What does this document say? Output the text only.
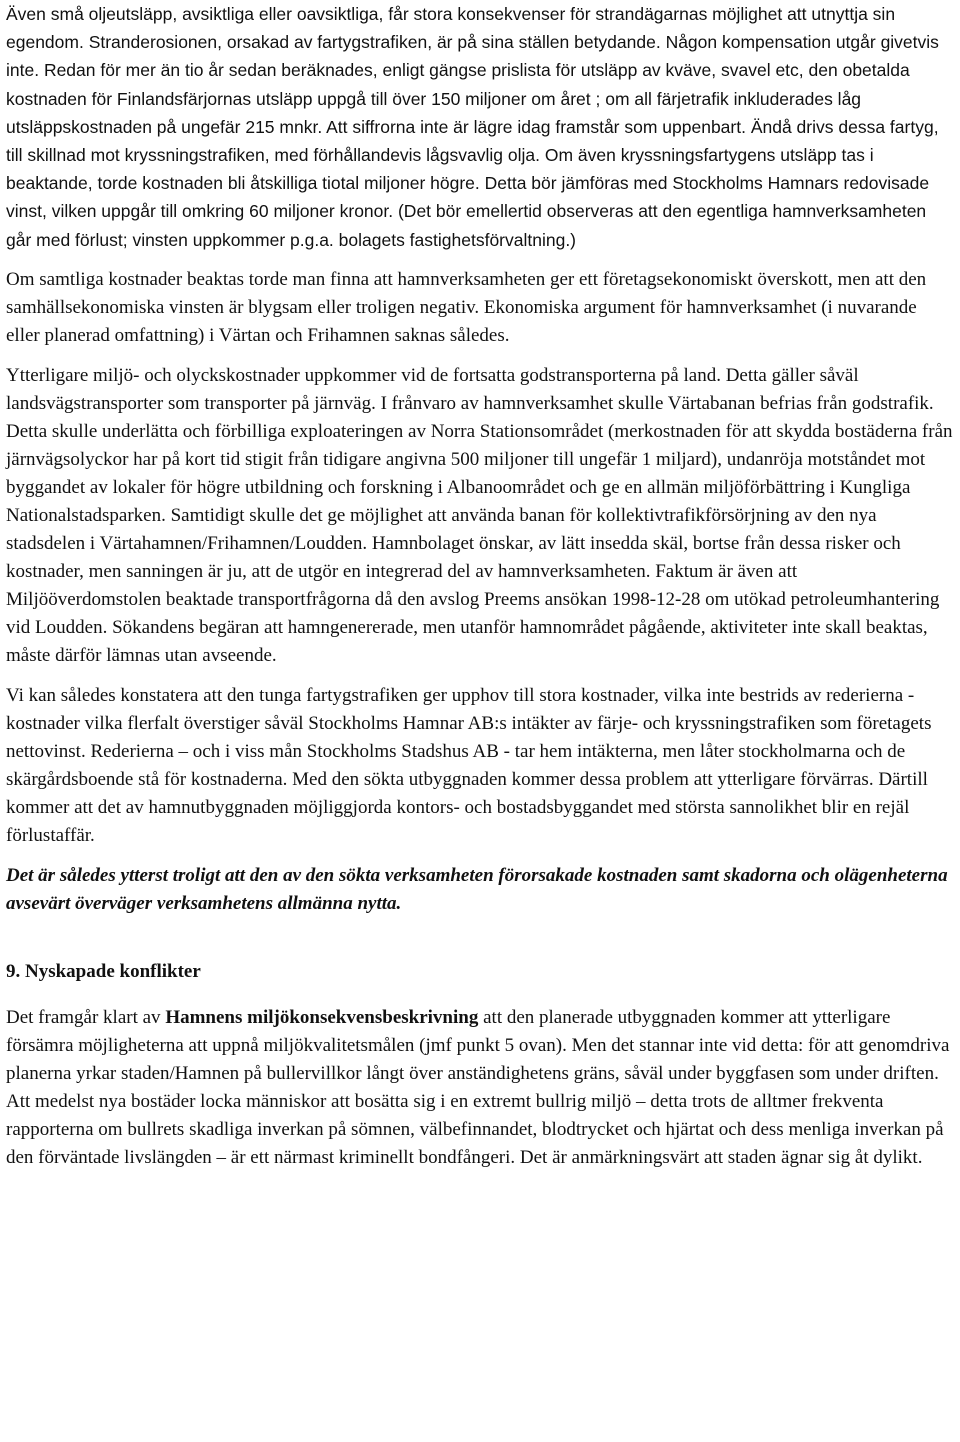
Även små oljeutsläpp, avsiktliga eller oavsiktliga, får stora konsekvenser för strandägarnas möjlighet att utnyttja sin egendom. Stranderosionen, orsakad av fartygstrafiken, är på sina ställen betydande. Någon kompensation utgår givetvis inte. Redan för mer än tio år sedan beräknades, enligt gängse prislista för utsläpp av kväve, svavel etc, den obetalda kostnaden för Finlandsfärjornas utsläpp uppgå till över 150 miljoner om året ; om all färjetrafik inkluderades låg utsläppskostnaden på ungefär 215 mnkr. Att siffrorna inte är lägre idag framstår som uppenbart. Ändå drivs dessa fartyg, till skillnad mot kryssningstrafiken, med förhållandevis lågsvavlig olja. Om även kryssningsfartygens utsläpp tas i beaktande, torde kostnaden bli åtskilliga tiotal miljoner högre. Detta bör jämföras med Stockholms Hamnars redovisade vinst, vilken uppgår till omkring 60 miljoner kronor. (Det bör emellertid observeras att den egentliga hamnverksamheten går med förlust; vinsten uppkommer p.g.a. bolagets fastighetsförvaltning.)

Om samtliga kostnader beaktas torde man finna att hamnverksamheten ger ett företagsekonomiskt överskott, men att den samhällsekonomiska vinsten är blygsam eller troligen negativ. Ekonomiska argument för hamnverksamhet (i nuvarande eller planerad omfattning) i Värtan och Frihamnen saknas således.

Ytterligare miljö- och olyckskostnader uppkommer vid de fortsatta godstransporterna på land. Detta gäller såväl landsvägstransporter som transporter på järnväg. I frånvaro av hamnverksamhet skulle Värtabanan befrias från godstrafik. Detta skulle underlätta och förbilliga exploateringen av Norra Stationsområdet (merkostnaden för att skydda bostäderna från järnvägsolyckor har på kort tid stigit från tidigare angivna 500 miljoner till ungefär 1 miljard), undanröja motståndet mot byggandet av lokaler för högre utbildning och forskning i Albanoområdet och ge en allmän miljöförbättring i Kungliga Nationalstadsparken. Samtidigt skulle det ge möjlighet att använda banan för kollektivtrafikförsörjning av den nya stadsdelen i Värtahamnen/Frihamnen/Loudden. Hamnbolaget önskar, av lätt insedda skäl, bortse från dessa risker och kostnader, men sanningen är ju, att de utgör en integrerad del av hamnverksamheten. Faktum är även att Miljööverdomstolen beaktade transportfrågorna då den avslog Preems ansökan 1998-12-28 om utökad petroleumhantering vid Loudden. Sökandens begäran att hamngenererade, men utanför hamnområdet pågående, aktiviteter inte skall beaktas, måste därför lämnas utan avseende.

Vi kan således konstatera att den tunga fartygstrafiken ger upphov till stora kostnader, vilka inte bestrids av rederierna - kostnader vilka flerfalt överstiger såväl Stockholms Hamnar AB:s intäkter av färje- och kryssningstrafiken som företagets nettovinst. Rederierna – och i viss mån Stockholms Stadshus AB - tar hem intäkterna, men låter stockholmarna och de skärgårdsboende stå för kostnaderna. Med den sökta utbyggnaden kommer dessa problem att ytterligare förvärras. Därtill kommer att det av hamnutbyggnaden möjliggjorda kontors- och bostadsbyggandet med största sannolikhet blir en rejäl förlustaffär.

Det är således ytterst troligt att den av den sökta verksamheten förorsakade kostnaden samt skadorna och olägenheterna avsevärt överväger verksamhetens allmänna nytta.

9. Nyskapade konflikter

Det framgår klart av Hamnens miljökonsekvensbeskrivning att den planerade utbyggnaden kommer att ytterligare försämra möjligheterna att uppnå miljökvalitetsmålen (jmf punkt 5 ovan). Men det stannar inte vid detta: för att genomdriva planerna yrkar staden/Hamnen på bullervillkor långt över anständighetens gräns, såväl under byggfasen som under driften. Att medelst nya bostäder locka människor att bosätta sig i en extremt bullrig miljö – detta trots de alltmer frekventa rapporterna om bullrets skadliga inverkan på sömnen, välbefinnandet, blodtrycket och hjärtat och dess menliga inverkan på den förväntade livslängden – är ett närmast kriminellt bondfångeri. Det är anmärkningsvärt att staden ägnar sig åt dylikt.
